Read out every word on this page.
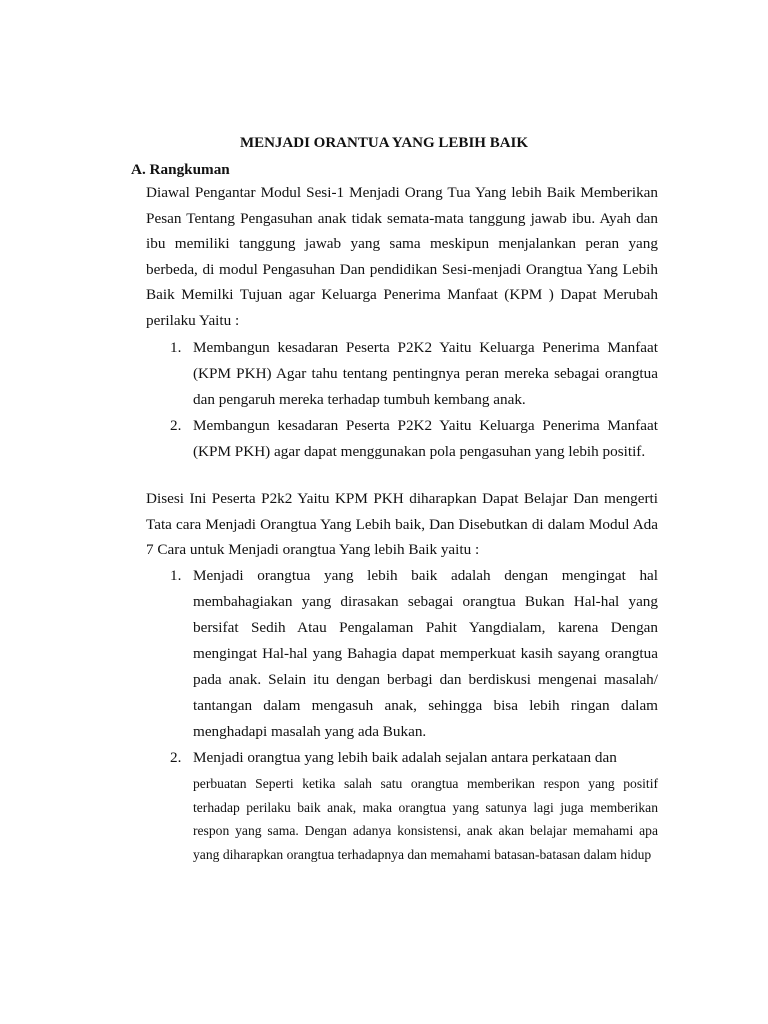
MENJADI ORANTUA YANG LEBIH BAIK
A. Rangkuman

Diawal Pengantar Modul Sesi-1 Menjadi Orang Tua Yang lebih Baik Memberikan Pesan Tentang Pengasuhan anak tidak semata-mata tanggung jawab ibu. Ayah dan ibu memiliki tanggung jawab yang sama meskipun menjalankan peran yang berbeda, di modul Pengasuhan Dan pendidikan Sesi-menjadi Orangtua Yang Lebih Baik Memilki Tujuan agar Keluarga Penerima Manfaat (KPM ) Dapat Merubah perilaku Yaitu :

1. Membangun kesadaran Peserta P2K2 Yaitu Keluarga Penerima Manfaat (KPM PKH) Agar tahu tentang pentingnya peran mereka sebagai orangtua dan pengaruh mereka terhadap tumbuh kembang anak.
2. Membangun kesadaran Peserta P2K2 Yaitu Keluarga Penerima Manfaat (KPM PKH) agar dapat menggunakan pola pengasuhan yang lebih positif.

Disesi Ini Peserta P2k2 Yaitu KPM PKH diharapkan Dapat Belajar Dan mengerti Tata cara Menjadi Orangtua Yang Lebih baik, Dan Disebutkan di dalam Modul Ada 7 Cara untuk Menjadi orangtua Yang lebih Baik yaitu :

1. Menjadi orangtua yang lebih baik adalah dengan mengingat hal membahagiakan yang dirasakan sebagai orangtua Bukan Hal-hal yang bersifat Sedih Atau Pengalaman Pahit Yangdialam, karena Dengan mengingat Hal-hal yang Bahagia dapat memperkuat kasih sayang orangtua pada anak. Selain itu dengan berbagi dan berdiskusi mengenai masalah/ tantangan dalam mengasuh anak, sehingga bisa lebih ringan dalam menghadapi masalah yang ada Bukan.
2. Menjadi orangtua yang lebih baik adalah sejalan antara perkataan dan
perbuatan Seperti ketika salah satu orangtua memberikan respon yang positif terhadap perilaku baik anak, maka orangtua yang satunya lagi juga memberikan respon yang sama. Dengan adanya konsistensi, anak akan belajar memahami apa yang diharapkan orangtua terhadapnya dan memahami batasan-batasan dalam hidup
